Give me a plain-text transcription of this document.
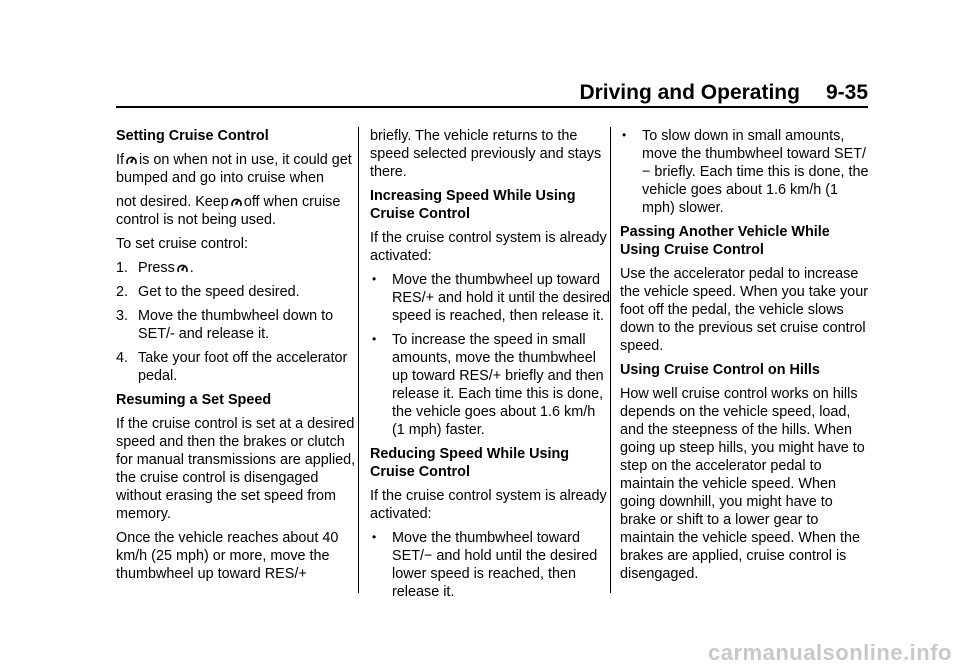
Driving and Operating 9-35
Setting Cruise Control

If is on when not in use, it could get bumped and go into cruise when

not desired. Keep off when cruise control is not being used.

To set cruise control:

1. Press .
2. Get to the speed desired.
3. Move the thumbwheel down to SET/- and release it.
4. Take your foot off the accelerator pedal.
Resuming a Set Speed

If the cruise control is set at a desired speed and then the brakes or clutch for manual transmissions are applied, the cruise control is disengaged without erasing the set speed from memory.

Once the vehicle reaches about 40 km/h (25 mph) or more, move the thumbwheel up toward RES/+

briefly. The vehicle returns to the speed selected previously and stays there.

Increasing Speed While Using Cruise Control

If the cruise control system is already activated:

• Move the thumbwheel up toward RES/+ and hold it until the desired speed is reached, then release it.
• To increase the speed in small amounts, move the thumbwheel up toward RES/+ briefly and then release it. Each time this is done, the vehicle goes about 1.6 km/h (1 mph) faster.
Reducing Speed While Using Cruise Control

If the cruise control system is already activated:

• Move the thumbwheel toward SET/− and hold until the desired lower speed is reached, then release it.
• To slow down in small amounts, move the thumbwheel toward SET/− briefly. Each time this is done, the vehicle goes about 1.6 km/h (1 mph) slower.
Passing Another Vehicle While Using Cruise Control

Use the accelerator pedal to increase the vehicle speed. When you take your foot off the pedal, the vehicle slows down to the previous set cruise control speed.

Using Cruise Control on Hills

How well cruise control works on hills depends on the vehicle speed, load, and the steepness of the hills. When going up steep hills, you might have to step on the accelerator pedal to maintain the vehicle speed. When going downhill, you might have to brake or shift to a lower gear to maintain the vehicle speed. When the brakes are applied, cruise control is disengaged.

carmanualsonline.info
